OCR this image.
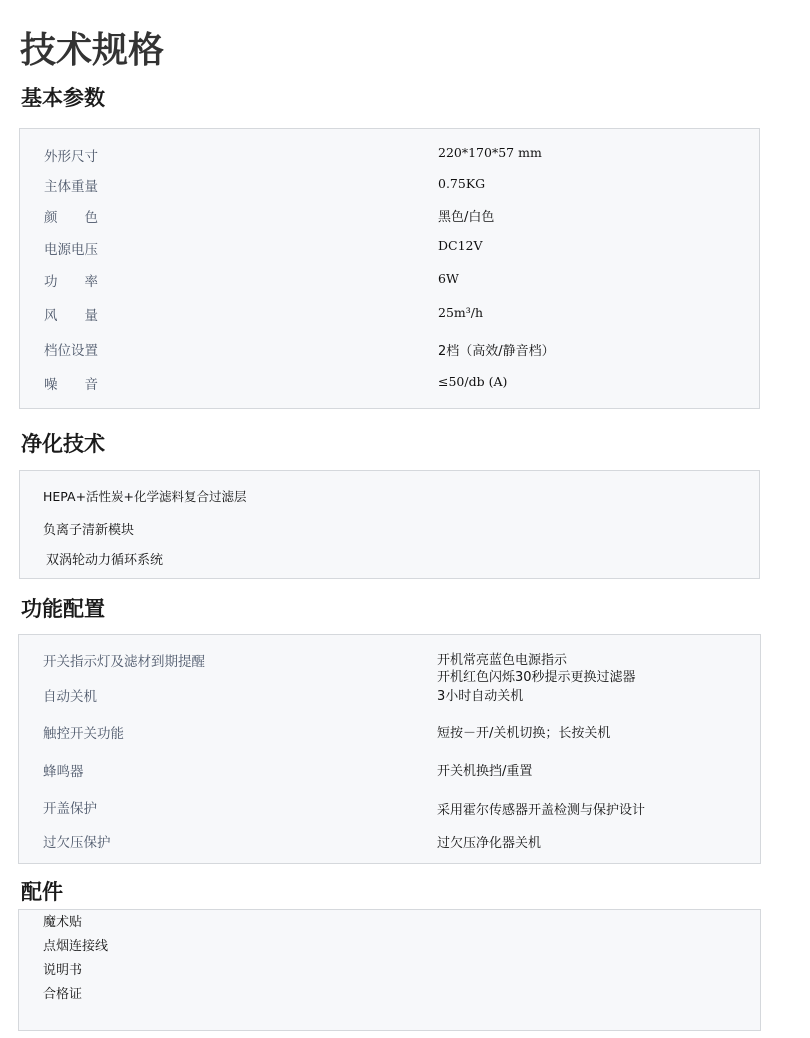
技术规格
基本参数
外形尺寸	220*170*57 mm
主体重量	0.75KG
颜　　色	黑色/白色
电源电压	DC12V
功　　率	6W
风　　量	25m³/h
档位设置	2档（高效/静音档）
噪　　音	≤50/db (A)
净化技术
HEPA+活性炭+化学滤料复合过滤层
负离子清新模块
双涡轮动力循环系统
功能配置
开关指示灯及滤材到期提醒	开机常亮蓝色电源指示
开机红色闪烁30秒提示更换过滤器
自动关机	3小时自动关机
触控开关功能	短按－开/关机切换；长按关机
蜂鸣器	开关机换挡/重置
开盖保护	采用霍尔传感器开盖检测与保护设计
过欠压保护	过欠压净化器关机
配件
魔术贴
点烟连接线
说明书
合格证
